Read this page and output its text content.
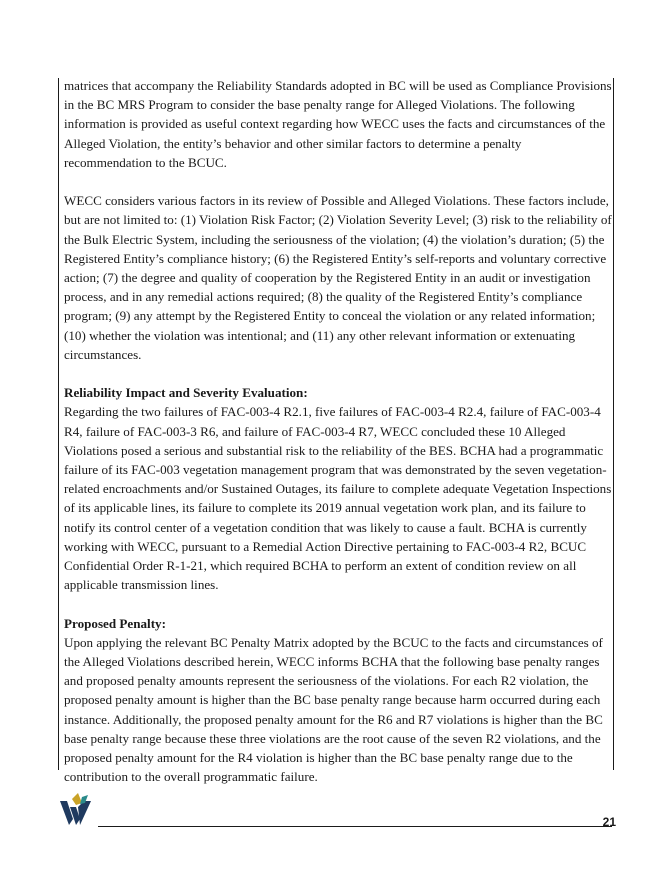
matrices that accompany the Reliability Standards adopted in BC will be used as Compliance Provisions in the BC MRS Program to consider the base penalty range for Alleged Violations. The following information is provided as useful context regarding how WECC uses the facts and circumstances of the Alleged Violation, the entity’s behavior and other similar factors to determine a penalty recommendation to the BCUC.

WECC considers various factors in its review of Possible and Alleged Violations. These factors include, but are not limited to: (1) Violation Risk Factor; (2) Violation Severity Level; (3) risk to the reliability of the Bulk Electric System, including the seriousness of the violation; (4) the violation’s duration; (5) the Registered Entity’s compliance history; (6) the Registered Entity’s self-reports and voluntary corrective action; (7) the degree and quality of cooperation by the Registered Entity in an audit or investigation process, and in any remedial actions required; (8) the quality of the Registered Entity’s compliance program; (9) any attempt by the Registered Entity to conceal the violation or any related information; (10) whether the violation was intentional; and (11) any other relevant information or extenuating circumstances.

Reliability Impact and Severity Evaluation:

Regarding the two failures of FAC-003-4 R2.1, five failures of FAC-003-4 R2.4, failure of FAC-003-4 R4, failure of FAC-003-3 R6, and failure of FAC-003-4 R7, WECC concluded these 10 Alleged Violations posed a serious and substantial risk to the reliability of the BES. BCHA had a programmatic failure of its FAC-003 vegetation management program that was demonstrated by the seven vegetation-related encroachments and/or Sustained Outages, its failure to complete adequate Vegetation Inspections of its applicable lines, its failure to complete its 2019 annual vegetation work plan, and its failure to notify its control center of a vegetation condition that was likely to cause a fault. BCHA is currently working with WECC, pursuant to a Remedial Action Directive pertaining to FAC-003-4 R2, BCUC Confidential Order R-1-21, which required BCHA to perform an extent of condition review on all applicable transmission lines.

Proposed Penalty:

Upon applying the relevant BC Penalty Matrix adopted by the BCUC to the facts and circumstances of the Alleged Violations described herein, WECC informs BCHA that the following base penalty ranges and proposed penalty amounts represent the seriousness of the violations. For each R2 violation, the proposed penalty amount is higher than the BC base penalty range because harm occurred during each instance. Additionally, the proposed penalty amount for the R6 and R7 violations is higher than the BC base penalty range because these three violations are the root cause of the seven R2 violations, and the proposed penalty amount for the R4 violation is higher than the BC base penalty range due to the contribution to the overall programmatic failure.

21
